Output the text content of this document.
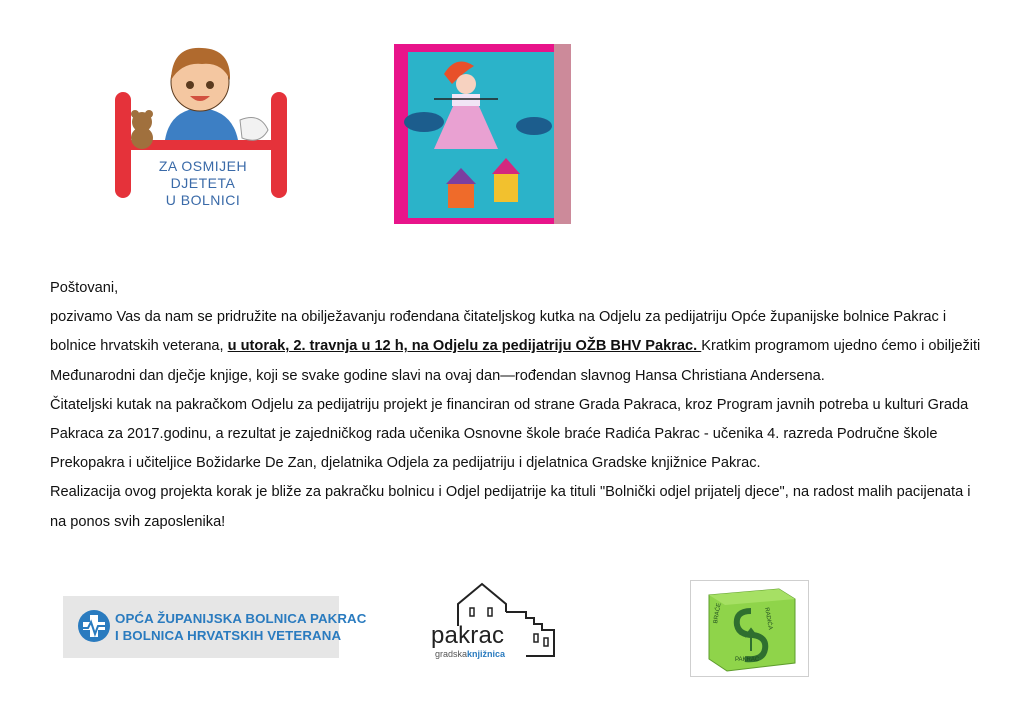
ZA OSMIJEH DJETETA
U BOLNICI

Poštovani,

pozivamo Vas da nam se pridružite na obilježavanju rođendana čitateljskog kutka na Odjelu za pedijatriju Opće županijske bolnice Pakrac i bolnice hrvatskih veterana, u utorak, 2. travnja u 12 h, na Odjelu za pedijatriju OŽB BHV Pakrac. Kratkim programom ujedno ćemo i obilježiti Međunarodni dan dječje knjige, koji se svake godine slavi na ovaj dan—rođendan slavnog Hansa Christiana Andersena.

Čitateljski kutak na pakračkom Odjelu za pedijatriju projekt je financiran od strane Grada Pakraca, kroz Program javnih potreba u kulturi Grada Pakraca za 2017.godinu, a rezultat je zajedničkog rada učenika Osnovne škole braće Radića Pakrac - učenika 4. razreda Područne škole Prekopakra i učiteljice Božidarke De Zan, djelatnika Odjela za pedijatriju i djelatnica Gradske knjižnice Pakrac.

Realizacija ovog projekta korak je bliže za pakračku bolnicu i Odjel pedijatrije ka tituli "Bolnički odjel prijatelj djece", na radost malih pacijenata i na ponos svih zaposlenika!

OPĆA ŽUPANIJSKA BOLNICA PAKRAC
I BOLNICA HRVATSKIH VETERANA	pakrac
gradskaknjižnica
BRAĆE	RADIĆA
PAKRAC
